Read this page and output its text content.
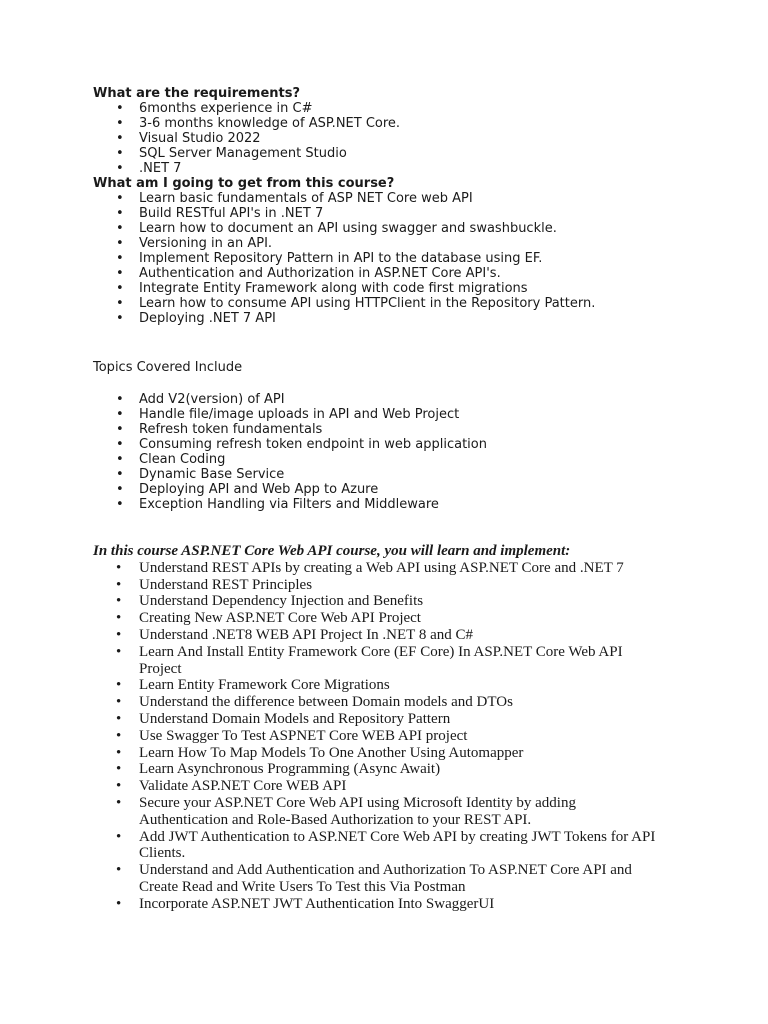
What are the requirements?

• 6months experience in C#
• 3-6 months knowledge of ASP.NET Core.
• Visual Studio 2022
• SQL Server Management Studio
• .NET 7

What am I going to get from this course?

• Learn basic fundamentals of ASP NET Core web API
• Build RESTful API's in .NET 7
• Learn how to document an API using swagger and swashbuckle.
• Versioning in an API.
• Implement Repository Pattern in API to the database using EF.
• Authentication and Authorization in ASP.NET Core API's.
• Integrate Entity Framework along with code first migrations
• Learn how to consume API using HTTPClient in the Repository Pattern.
• Deploying .NET 7 API

Topics Covered Include

• Add V2(version) of API
• Handle file/image uploads in API and Web Project
• Refresh token fundamentals
• Consuming refresh token endpoint in web application
• Clean Coding
• Dynamic Base Service
• Deploying API and Web App to Azure
• Exception Handling via Filters and Middleware

In this course ASP.NET Core Web API course, you will learn and implement:

• Understand REST APIs by creating a Web API using ASP.NET Core and .NET 7
• Understand REST Principles
• Understand Dependency Injection and Benefits
• Creating New ASP.NET Core Web API Project
• Understand .NET8 WEB API Project In .NET 8 and C#
• Learn And Install Entity Framework Core (EF Core) In ASP.NET Core Web API Project
• Learn Entity Framework Core Migrations
• Understand the difference between Domain models and DTOs
• Understand Domain Models and Repository Pattern
• Use Swagger To Test ASPNET Core WEB API project
• Learn How To Map Models To One Another Using Automapper
• Learn Asynchronous Programming (Async Await)
• Validate ASP.NET Core WEB API
• Secure your ASP.NET Core Web API using Microsoft Identity by adding Authentication and Role-Based Authorization to your REST API.
• Add JWT Authentication to ASP.NET Core Web API by creating JWT Tokens for API Clients.
• Understand and Add Authentication and Authorization To ASP.NET Core API and Create Read and Write Users To Test this Via Postman
• Incorporate ASP.NET JWT Authentication Into SwaggerUI
